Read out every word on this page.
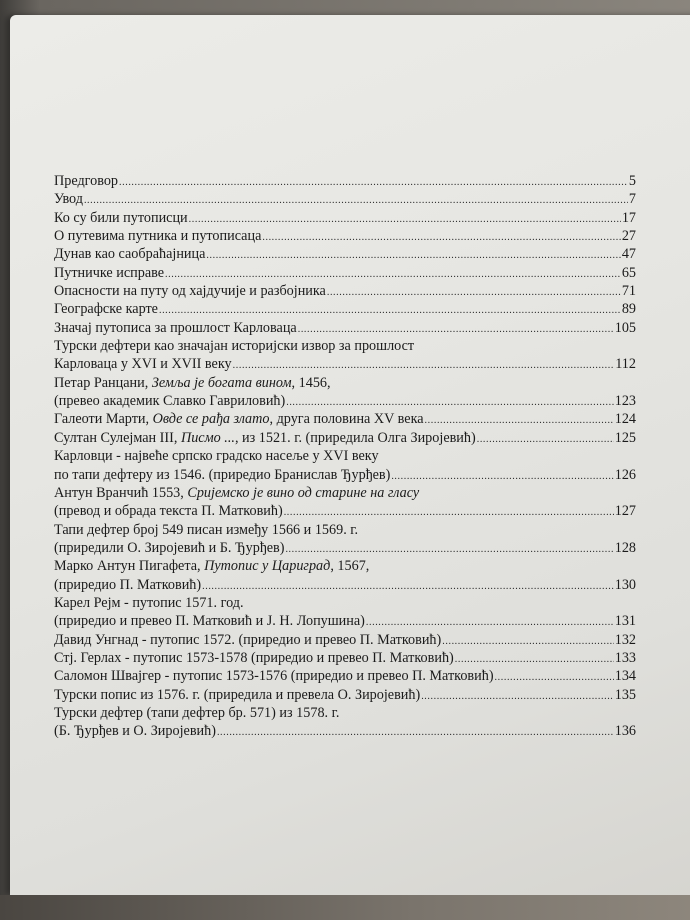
Предговор .....	5
Увод .....	7
Ко су били путописци .....	17
О путевима путника и путописаца .....	27
Дунав као саобраћајница .....	47
Путничке исправе .....	65
Опасности на путу од хајдучије и разбојника .....	71
Географске карте .....	89
Значај путописа за прошлост Карловаца .....	105
Турски дефтери као значајан историјски извор за прошлост
Карловаца у XVI и XVII веку .....	112
Петар Ранцани, Земља је богата вином, 1456,
(превео академик Славко Гавриловић) .....	123
Галеоти Марти, Овде се рађа злато, друга половина XV века .....	124
Султан Сулејман III, Писмо ..., из 1521. г. (приредила Олга Зиројевић) .....	125
Карловци - највеће српско градско насеље у XVI веку
по тапи дефтеру из 1546. (приредио Бранислав Ђурђев) .....	126
Антун Вранчић 1553, Сријемско је вино од старине на гласу
(превод и обрада текста П. Матковић) .....	127
Тапи дефтер број 549 писан између 1566 и 1569. г.
(приредили О. Зиројевић и Б. Ђурђев) .....	128
Марко Антун Пигафета, Путопис у Цариград, 1567,
(приредио П. Матковић) .....	130
Карел Рејм - путопис 1571. год.
(приредио и превео П. Матковић и Ј. Н. Лопушина) .....	131
Давид Унгнад - путопис 1572. (приредио и превео П. Матковић) .....	132
Стј. Герлах - путопис 1573-1578 (приредио и превео П. Матковић) .....	133
Саломон Швајгер - путопис 1573-1576 (приредио и превео П. Матковић) .....	134
Турски попис из 1576. г. (приредила и превела О. Зиројевић) .....	135
Турски дефтер (тапи дефтер бр. 571) из 1578. г.
(Б. Ђурђев и О. Зиројевић) .....	136
